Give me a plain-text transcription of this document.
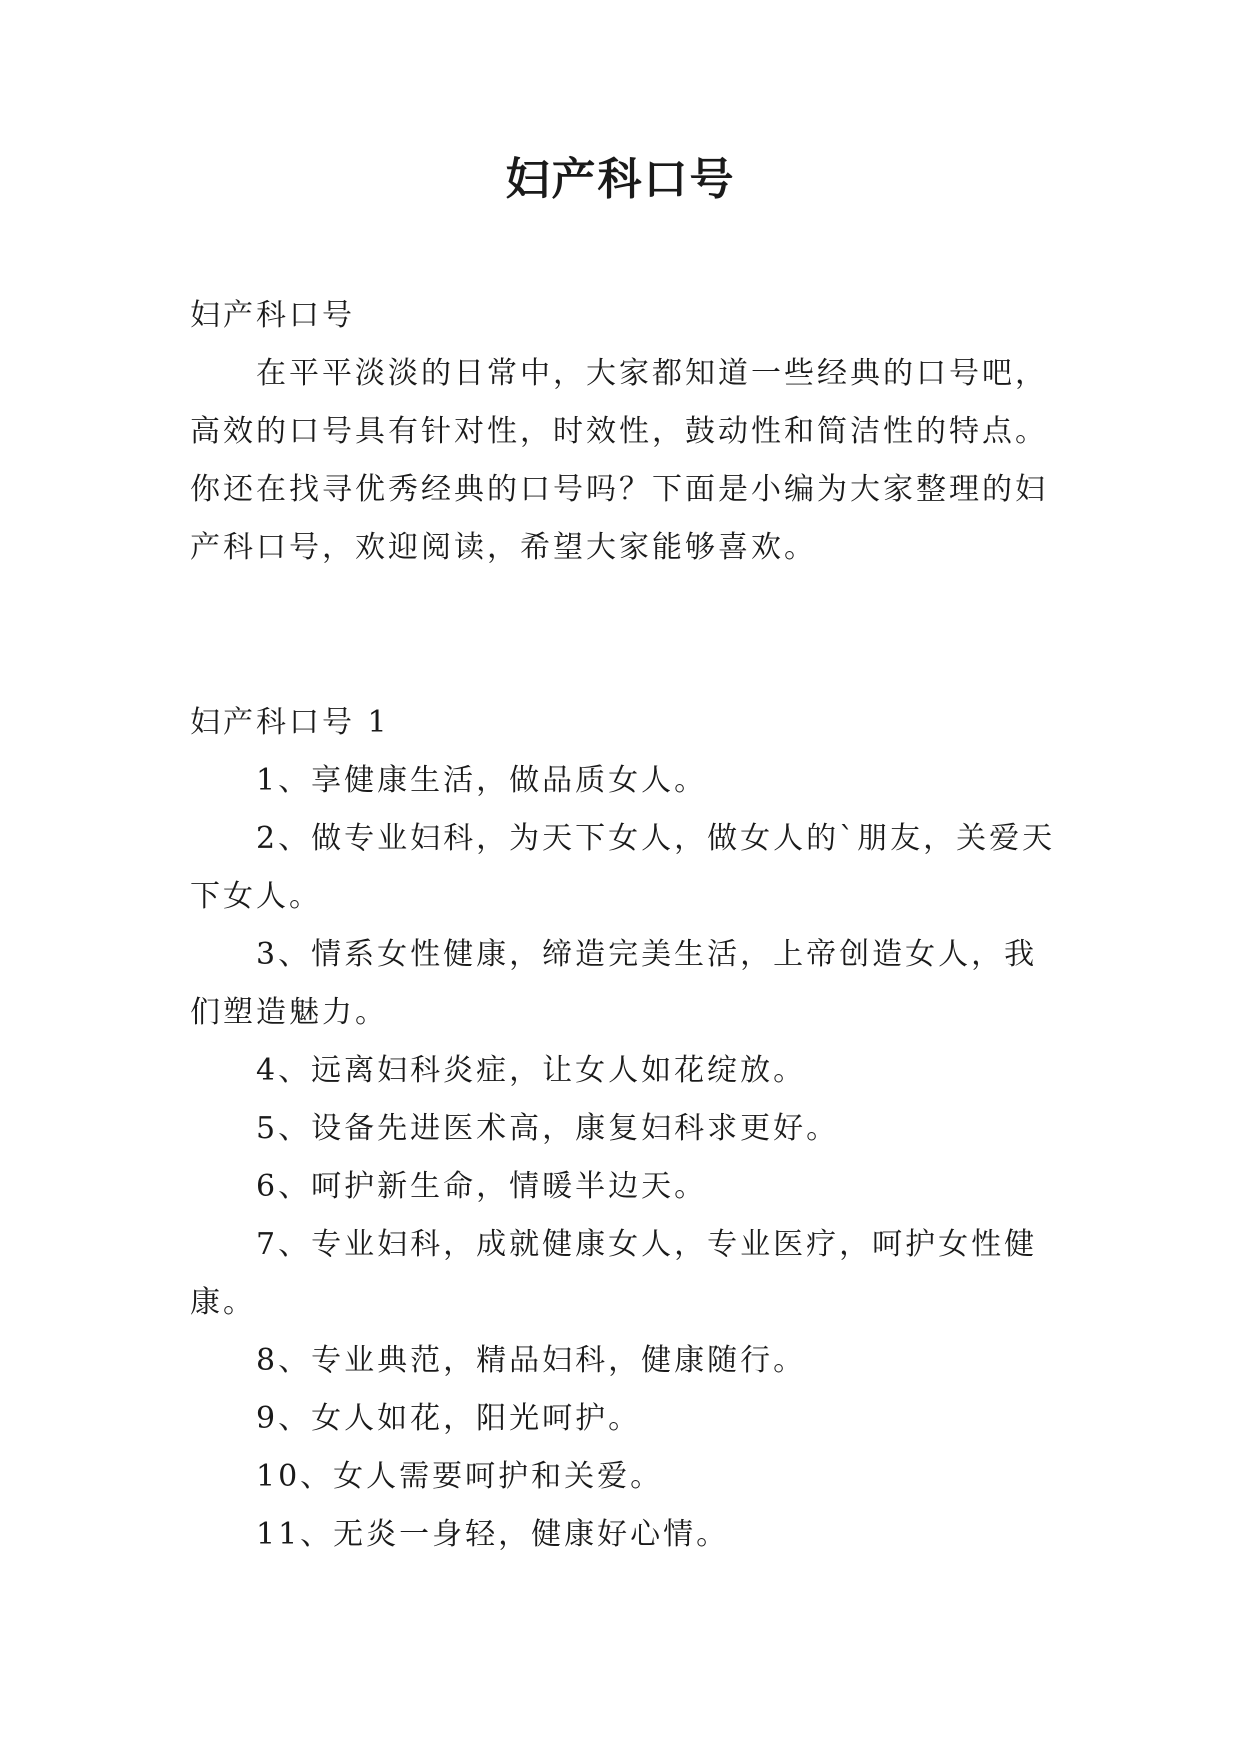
妇产科口号

妇产科口号

在平平淡淡的日常中，大家都知道一些经典的口号吧，高效的口号具有针对性，时效性，鼓动性和简洁性的特点。你还在找寻优秀经典的口号吗？下面是小编为大家整理的妇产科口号，欢迎阅读，希望大家能够喜欢。

妇产科口号 1

1、享健康生活，做品质女人。
2、做专业妇科，为天下女人，做女人的`朋友，关爱天下女人。
3、情系女性健康，缔造完美生活，上帝创造女人，我们塑造魅力。
4、远离妇科炎症，让女人如花绽放。
5、设备先进医术高，康复妇科求更好。
6、呵护新生命，情暖半边天。
7、专业妇科，成就健康女人，专业医疗，呵护女性健康。
8、专业典范，精品妇科，健康随行。
9、女人如花，阳光呵护。
10、女人需要呵护和关爱。
11、无炎一身轻，健康好心情。
